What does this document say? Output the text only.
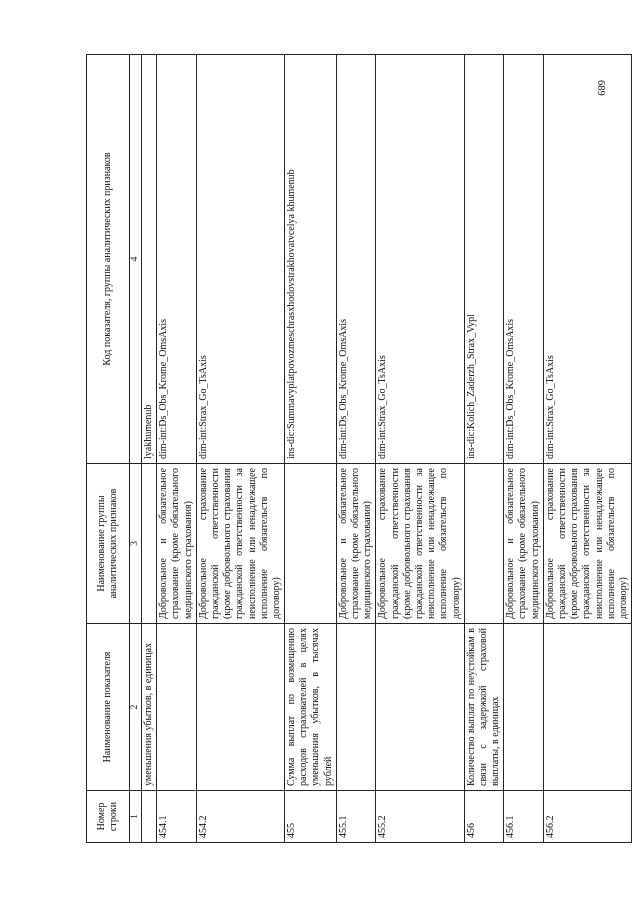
689
Номер строки	Наименование показателя	Наименование группы аналитических признаков	Код показателя, группы аналитических признаков
1	2	3	4
	уменьшения убытков, в единицах		lyakhumenub
454.1		Добровольное и обязательное страхование (кроме обязательного медицинского страхования)	dim-int:Ds_Obs_Krome_OmsAxis
454.2		Добровольное страхование гражданской ответственности (кроме добровольного страхования гражданской ответственности за неисполнение или ненадлежащее исполнение обязательств по договору)	dim-int:Strax_Go_TsAxis
455	Сумма выплат по возмещению расходов страхователей в целях уменьшения убытков, в тысячах рублей		ins-dic:Summavyplatpovozmeschrasxhodovstrakhovatvcelya khumenub
455.1		Добровольное и обязательное страхование (кроме обязательного медицинского страхования)	dim-int:Ds_Obs_Krome_OmsAxis
455.2		Добровольное страхование гражданской ответственности (кроме добровольного страхования гражданской ответственности за неисполнение или ненадлежащее исполнение обязательств по договору)	dim-int:Strax_Go_TsAxis
456	Количество выплат по неустойкам в связи с задержкой страховой выплаты, в единицах		ins-dic:Kolich_Zaderzh_Strax_Vypl
456.1		Добровольное и обязательное страхование (кроме обязательного медицинского страхования)	dim-int:Ds_Obs_Krome_OmsAxis
456.2		Добровольное страхование гражданской ответственности (кроме добровольного страхования гражданской ответственности за неисполнение или ненадлежащее исполнение обязательств по договору)	dim-int:Strax_Go_TsAxis
